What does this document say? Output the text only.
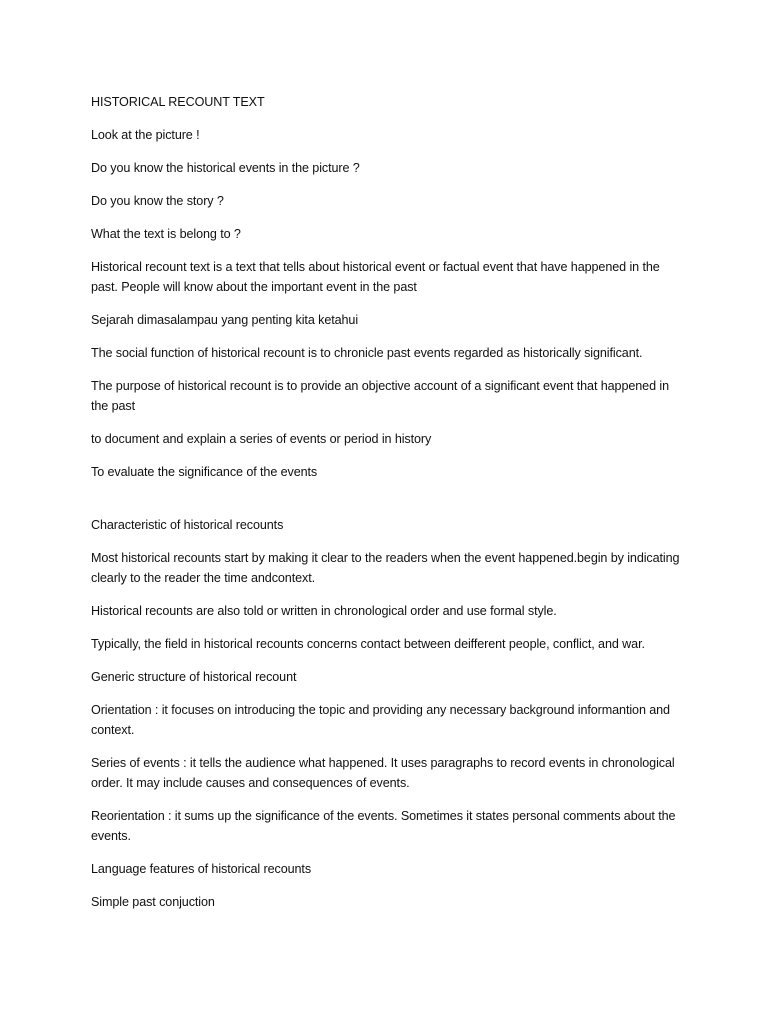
HISTORICAL RECOUNT TEXT

Look at the picture !

Do you know the historical events in the picture ?

Do you know the story ?

What the text is belong to ?

Historical recount text is a text that tells about historical event or factual event that have happened in the past. People will know about the important event in the past

Sejarah dimasalampau yang penting kita ketahui

The social function of historical recount is to chronicle past events regarded as historically significant.

The purpose of historical recount is to provide an objective account of a significant event that happened in the past

to document and explain a series of events or period in history

To evaluate the significance of the events

Characteristic of historical recounts

Most historical recounts start by making it clear to the readers when the event happened.begin by indicating clearly to the reader the time andcontext.

Historical recounts are also told or written in chronological order and use formal style.

Typically, the field in historical recounts concerns contact between deifferent people, conflict, and war.

Generic structure of historical recount

Orientation : it focuses on introducing the topic and providing any necessary background informantion and context.

Series of events : it tells the audience what happened. It uses paragraphs to record events in chronological order. It may include causes and consequences of events.

Reorientation : it sums up the significance of the events. Sometimes it states personal comments about the events.

Language features of historical recounts

Simple past conjuction
